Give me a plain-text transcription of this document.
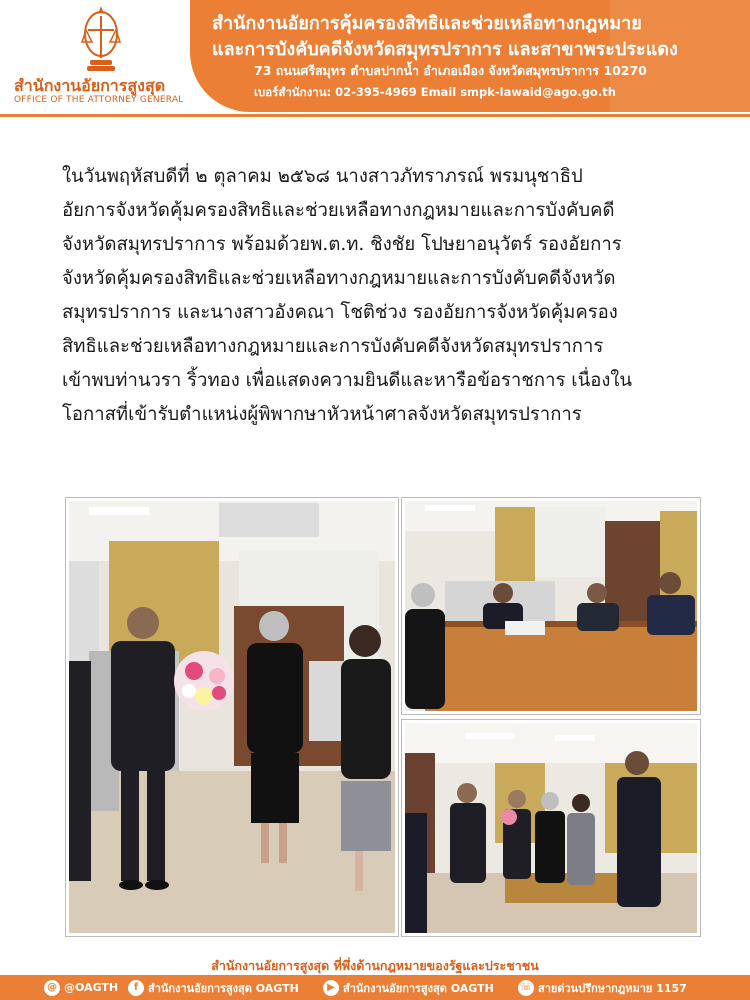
สำนักงานอัยการสูงสุด
OFFICE OF THE ATTORNEY GENERAL
สำนักงานอัยการคุ้มครองสิทธิและช่วยเหลือทางกฎหมาย
และการบังคับคดีจังหวัดสมุทรปราการ และสาขาพระประแดง
73 ถนนศรีสมุทร ตำบลปากน้ำ อำเภอเมือง จังหวัดสมุทรปราการ 10270
เบอร์สำนักงาน: 02-395-4969 Email smpk-lawaid@ago.go.th

ในวันพฤหัสบดีที่ ๒ ตุลาคม ๒๕๖๘ นางสาวภัทราภรณ์ พรมนุชาธิป

อัยการจังหวัดคุ้มครองสิทธิและช่วยเหลือทางกฎหมายและการบังคับคดี

จังหวัดสมุทรปราการ พร้อมด้วยพ.ต.ท. ชิงชัย โปษยาอนุวัตร์ รองอัยการ

จังหวัดคุ้มครองสิทธิและช่วยเหลือทางกฎหมายและการบังคับคดีจังหวัด

สมุทรปราการ และนางสาวอังคณา โชติช่วง รองอัยการจังหวัดคุ้มครอง

สิทธิและช่วยเหลือทางกฎหมายและการบังคับคดีจังหวัดสมุทรปราการ

เข้าพบท่านวรา ริ้วทอง เพื่อแสดงความยินดีและหารือข้อราชการ เนื่องใน

โอกาสที่เข้ารับตำแหน่งผู้พิพากษาหัวหน้าศาลจังหวัดสมุทรปราการ

สำนักงานอัยการสูงสุด ที่พึ่งด้านกฎหมายของรัฐและประชาชน
@ @OAGTH	f สำนักงานอัยการสูงสุด OAGTH	▶ สำนักงานอัยการสูงสุด OAGTH	☏ สายด่วนปรึกษากฎหมาย 1157
